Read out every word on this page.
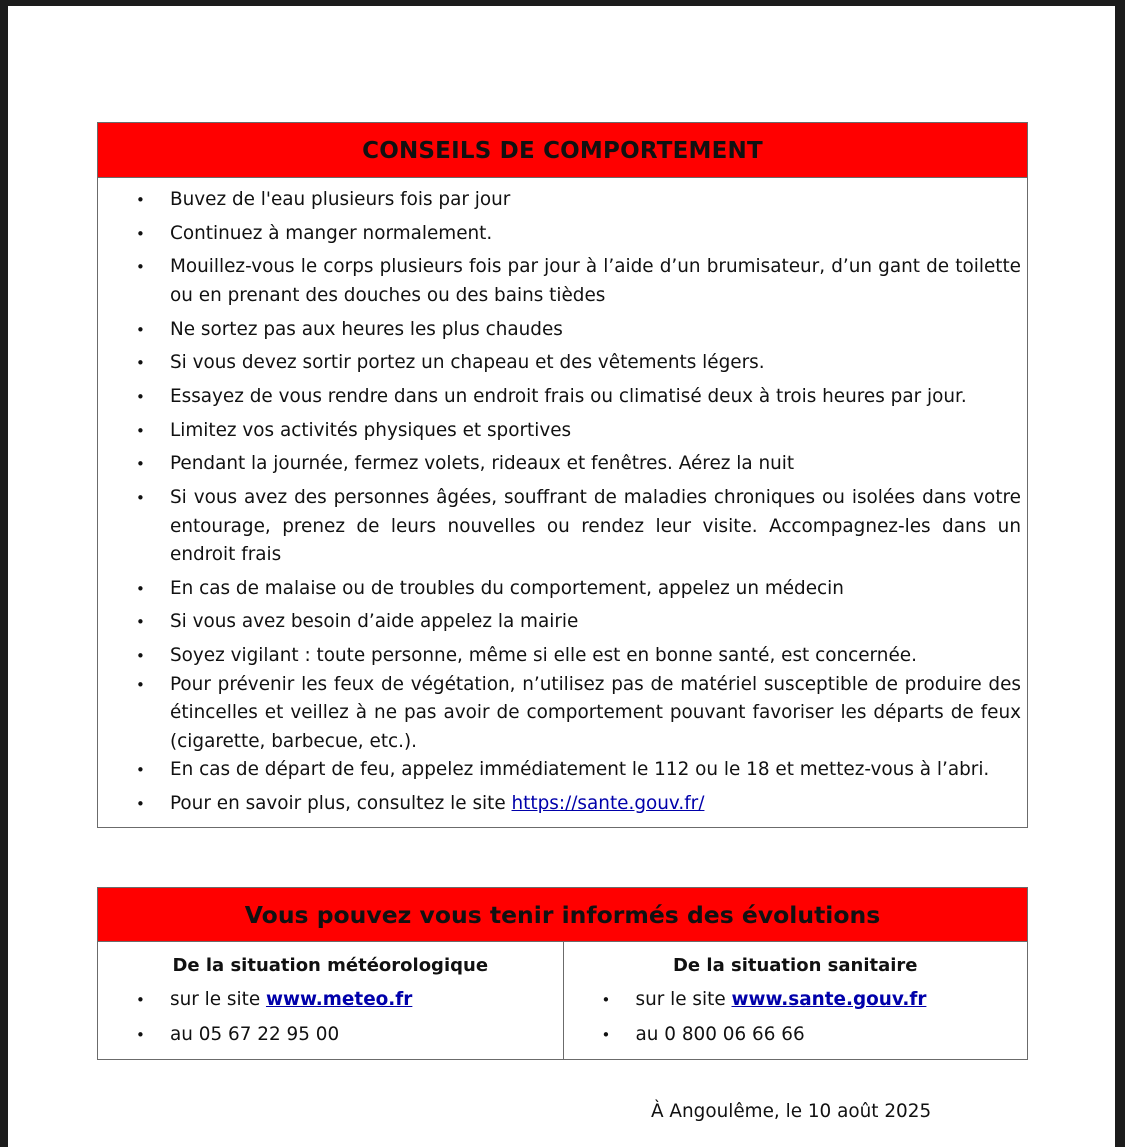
CONSEILS DE COMPORTEMENT
• Buvez de l'eau plusieurs fois par jour
• Continuez à manger normalement.
• Mouillez-vous le corps plusieurs fois par jour à l’aide d’un brumisateur, d’un gant de toilette ou en prenant des douches ou des bains tièdes
• Ne sortez pas aux heures les plus chaudes
• Si vous devez sortir portez un chapeau et des vêtements légers.
• Essayez de vous rendre dans un endroit frais ou climatisé deux à trois heures par jour.
• Limitez vos activités physiques et sportives
• Pendant la journée, fermez volets, rideaux et fenêtres. Aérez la nuit
• Si vous avez des personnes âgées, souffrant de maladies chroniques ou isolées dans votre entourage, prenez de leurs nouvelles ou rendez leur visite. Accompagnez-les dans un endroit frais
• En cas de malaise ou de troubles du comportement, appelez un médecin
• Si vous avez besoin d’aide appelez la mairie
• Soyez vigilant : toute personne, même si elle est en bonne santé, est concernée.
• Pour prévenir les feux de végétation, n’utilisez pas de matériel susceptible de produire des étincelles et veillez à ne pas avoir de comportement pouvant favoriser les départs de feux (cigarette, barbecue, etc.).
• En cas de départ de feu, appelez immédiatement le 112 ou le 18 et mettez-vous à l’abri.
• Pour en savoir plus, consultez le site https://sante.gouv.fr/
Vous pouvez vous tenir informés des évolutions
De la situation météorologique
• sur le site www.meteo.fr
• au 05 67 22 95 00
De la situation sanitaire
• sur le site www.sante.gouv.fr
• au 0 800 06 66 66
À Angoulême, le 10 août 2025
